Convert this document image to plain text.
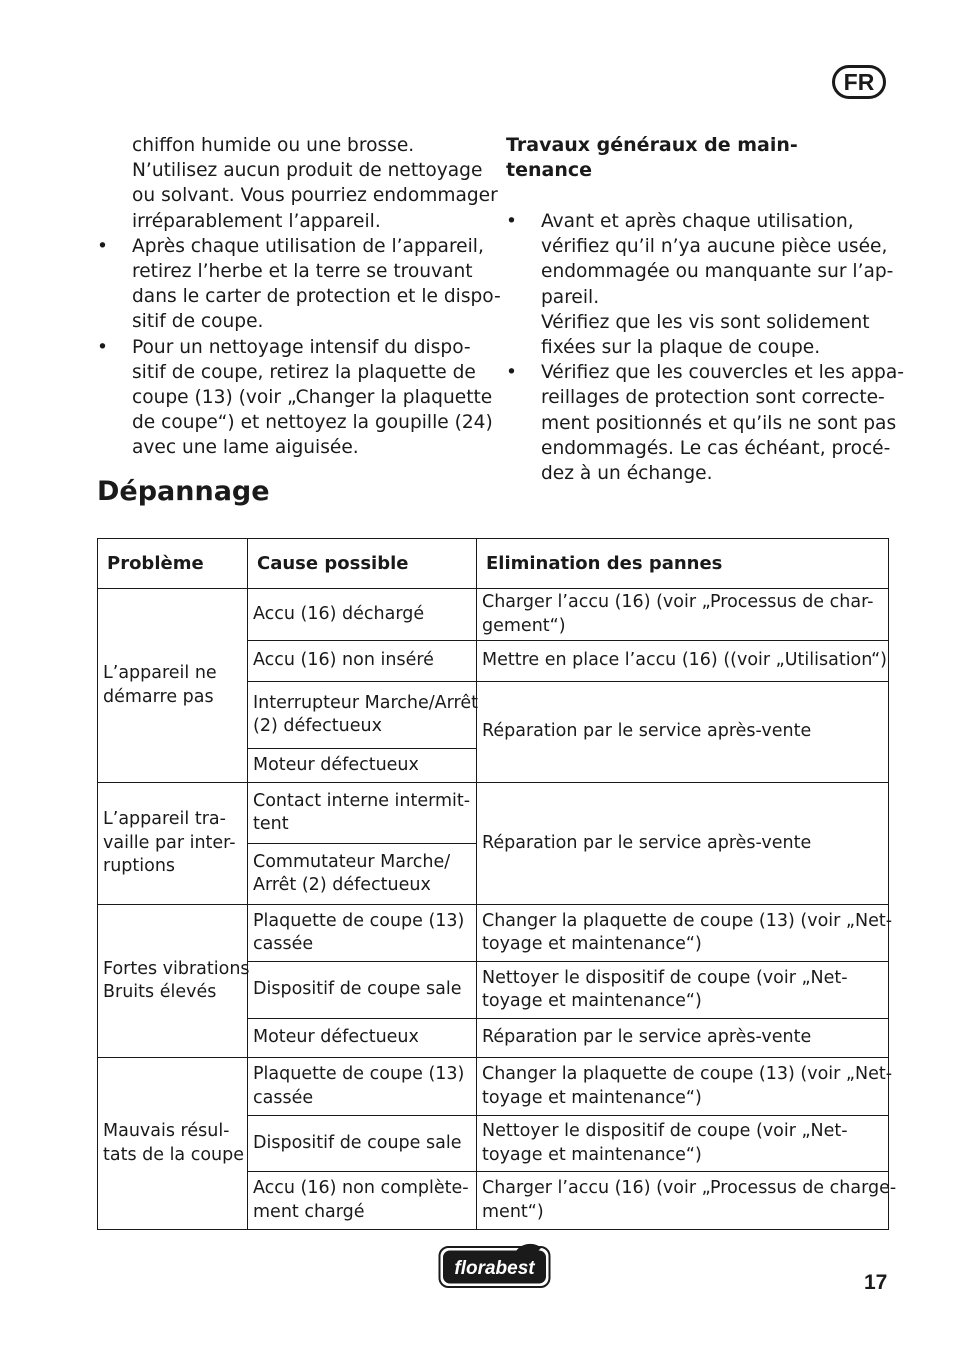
FR
chiffon humide ou une brosse.
N’utilisez aucun produit de nettoyage
ou solvant. Vous pourriez endommager
irréparablement l’appareil.
• Après chaque utilisation de l’appareil,
retirez l’herbe et la terre se trouvant
dans le carter de protection et le dispo-
sitif de coupe.
• Pour un nettoyage intensif du dispo-
sitif de coupe, retirez la plaquette de
coupe (13) (voir „Changer la plaquette
de coupe“) et nettoyez la goupille (24)
avec une lame aiguisée.
Travaux généraux de main-
tenance
• Avant et après chaque utilisation,
vérifiez qu’il n’ya aucune pièce usée,
endommagée ou manquante sur l’ap-
pareil.
Vérifiez que les vis sont solidement
fixées sur la plaque de coupe.
• Vérifiez que les couvercles et les appa-
reillages de protection sont correcte-
ment positionnés et qu’ils ne sont pas
endommagés. Le cas échéant, procé-
dez à un échange.
Dépannage
Problème	Cause possible	Elimination des pannes

L’appareil ne
démarre pas	Accu (16) déchargé	Charger l’accu (16) (voir „Processus de char-
gement“)

	Accu (16) non inséré	Mettre en place l’accu (16) ((voir „Utilisation“)

	Interrupteur Marche/Arrêt
(2) défectueux	Réparation par le service après-vente

	Moteur défectueux	

L’appareil tra-
vaille par inter-
ruptions	Contact interne intermit-
tent	Réparation par le service après-vente

	Commutateur Marche/
Arrêt (2) défectueux	

Fortes vibrations
Bruits élevés	Plaquette de coupe (13)
cassée	Changer la plaquette de coupe (13) (voir „Net-
toyage et maintenance“)

	Dispositif de coupe sale	Nettoyer le dispositif de coupe (voir „Net-
toyage et maintenance“)

	Moteur défectueux	Réparation par le service après-vente

Mauvais résul-
tats de la coupe	Plaquette de coupe (13)
cassée	Changer la plaquette de coupe (13) (voir „Net-
toyage et maintenance“)

	Dispositif de coupe sale	Nettoyer le dispositif de coupe (voir „Net-
toyage et maintenance“)

	Accu (16) non complète-
ment chargé	Charger l’accu (16) (voir „Processus de charge-
ment“)
florabest
17
